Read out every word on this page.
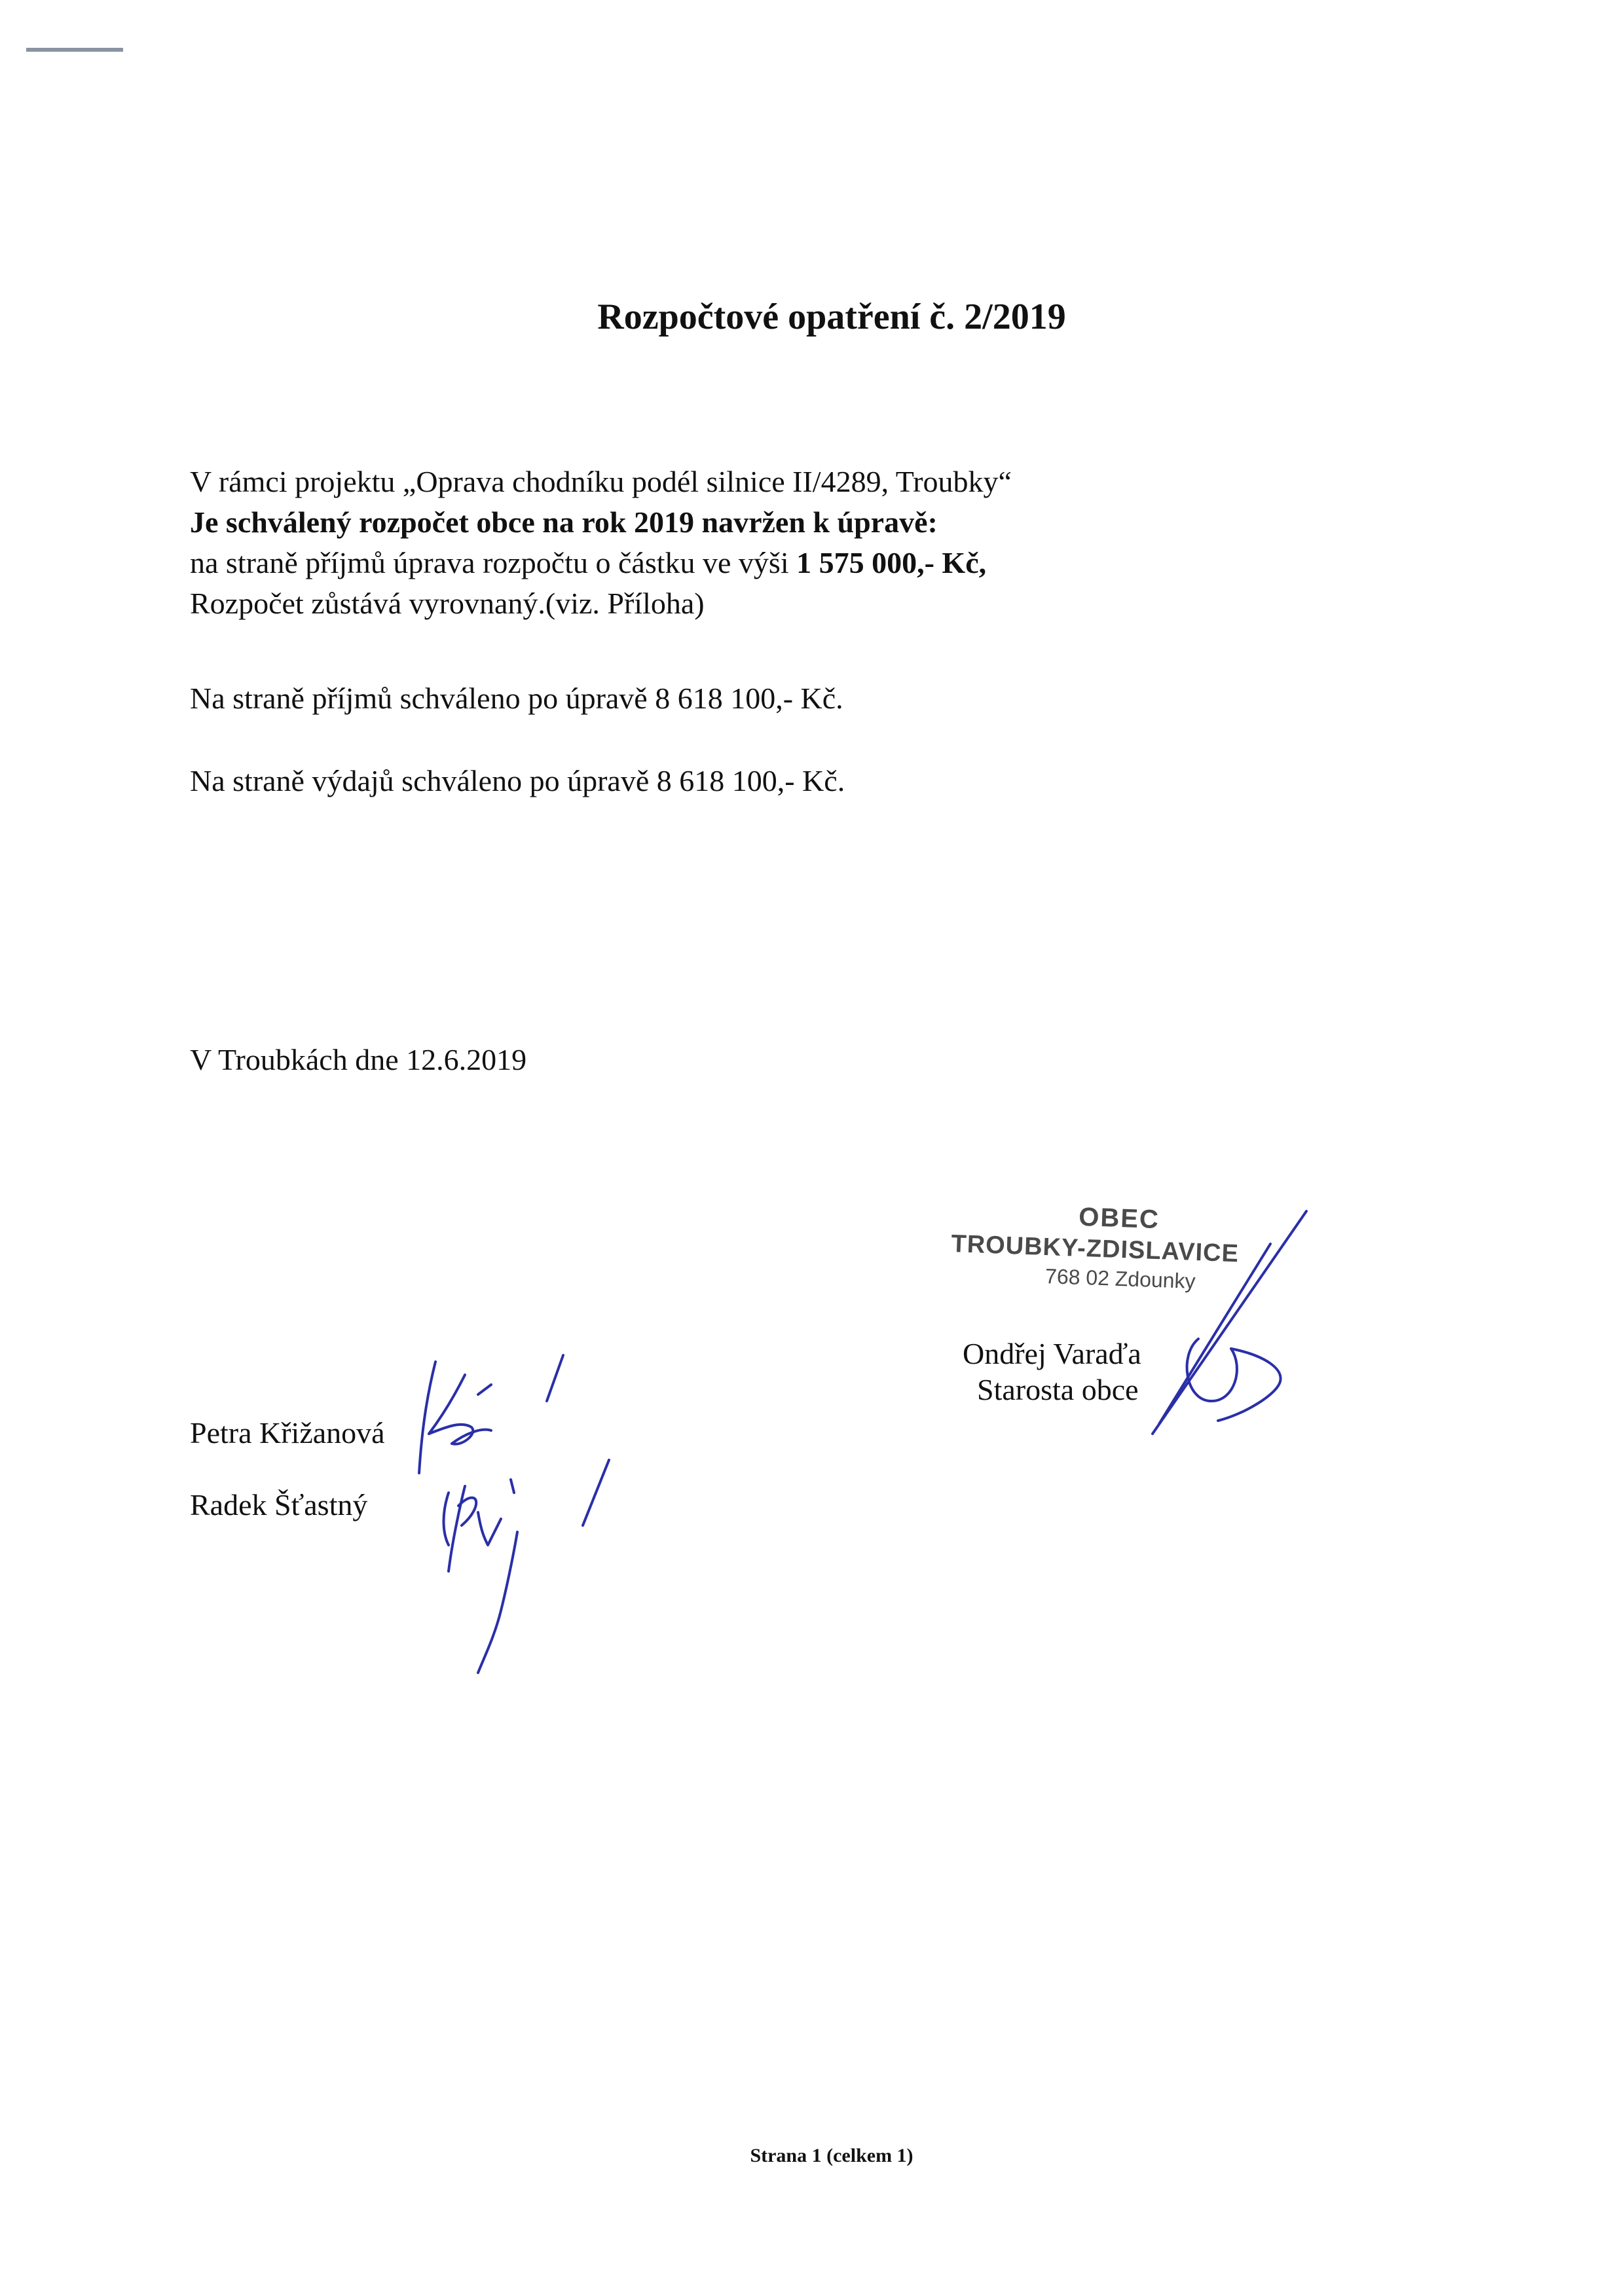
Rozpočtové opatření č. 2/2019
V rámci projektu „Oprava chodníku podél silnice II/4289, Troubky“
Je schválený rozpočet obce na rok 2019 navržen k úpravě:
na straně příjmů úprava rozpočtu o částku ve výši 1 575 000,- Kč,
Rozpočet zůstává vyrovnaný.(viz. Příloha)
Na straně příjmů schváleno po úpravě 8 618 100,- Kč.
Na straně výdajů schváleno po úpravě 8 618 100,- Kč.
V Troubkách dne 12.6.2019
OBEC
TROUBKY-ZDISLAVICE
768 02 Zdounky
Ondřej Varaďa
Starosta obce
Petra Křižanová
Radek Šťastný
Strana 1 (celkem 1)
